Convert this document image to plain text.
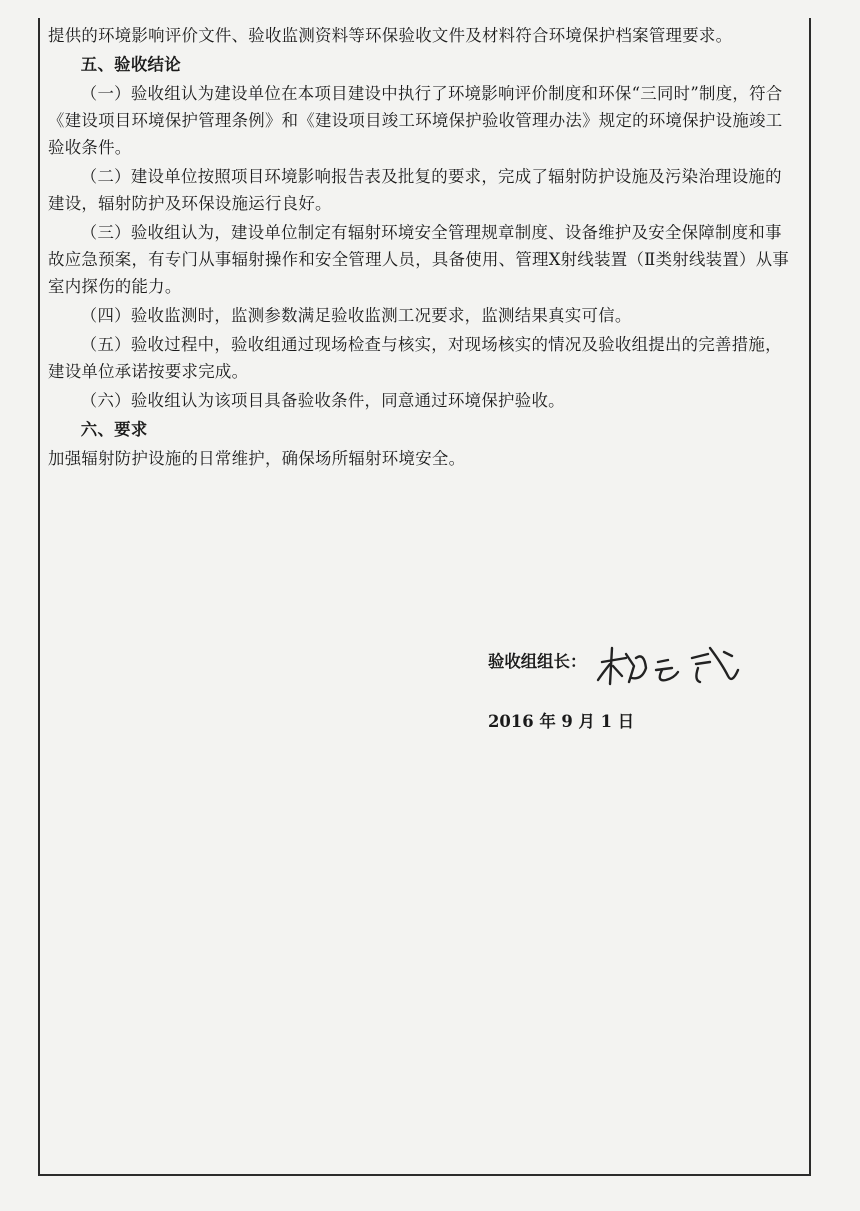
提供的环境影响评价文件、验收监测资料等环保验收文件及材料符合环境保护档案管理要求。

五、验收结论

（一）验收组认为建设单位在本项目建设中执行了环境影响评价制度和环保“三同时”制度，符合《建设项目环境保护管理条例》和《建设项目竣工环境保护验收管理办法》规定的环境保护设施竣工验收条件。

（二）建设单位按照项目环境影响报告表及批复的要求，完成了辐射防护设施及污染治理设施的建设，辐射防护及环保设施运行良好。

（三）验收组认为，建设单位制定有辐射环境安全管理规章制度、设备维护及安全保障制度和事故应急预案，有专门从事辐射操作和安全管理人员，具备使用、管理X射线装置（Ⅱ类射线装置）从事室内探伤的能力。

（四）验收监测时，监测参数满足验收监测工况要求，监测结果真实可信。

（五）验收过程中，验收组通过现场检查与核实，对现场核实的情况及验收组提出的完善措施，建设单位承诺按要求完成。

（六）验收组认为该项目具备验收条件，同意通过环境保护验收。

六、要求

加强辐射防护设施的日常维护，确保场所辐射环境安全。

验收组组长：
2016 年 9 月 1 日
